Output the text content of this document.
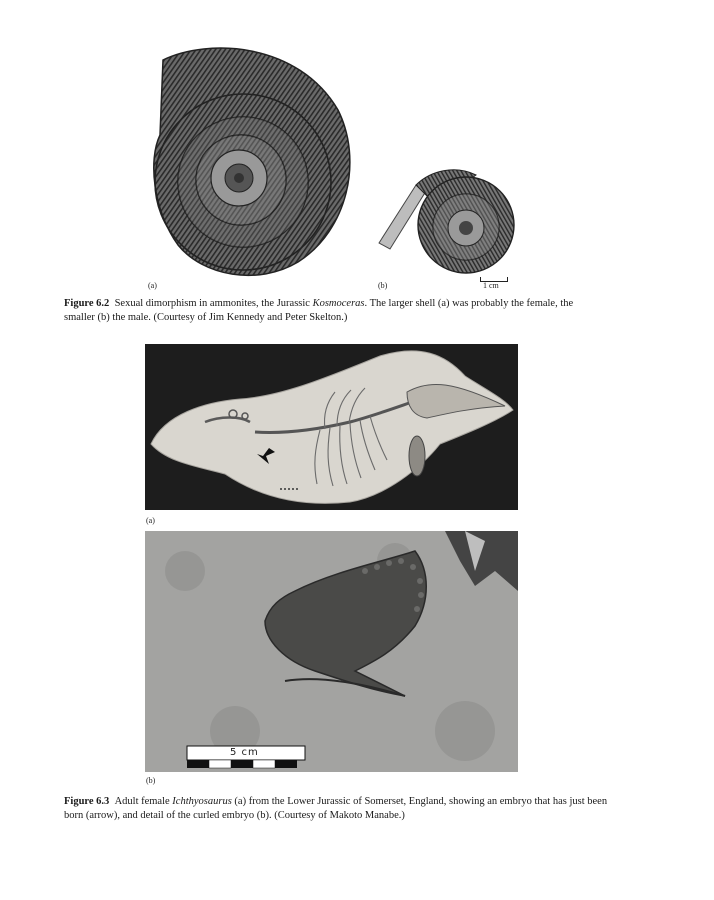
(a)	(b)	1 cm
Figure 6.2 Sexual dimorphism in ammonites, the Jurassic Kosmoceras. The larger shell (a) was probably the female, the smaller (b) the male. (Courtesy of Jim Kennedy and Peter Skelton.)
(a)
5 cm
(b)
Figure 6.3 Adult female Ichthyosaurus (a) from the Lower Jurassic of Somerset, England, showing an embryo that has just been born (arrow), and detail of the curled embryo (b). (Courtesy of Makoto Manabe.)
